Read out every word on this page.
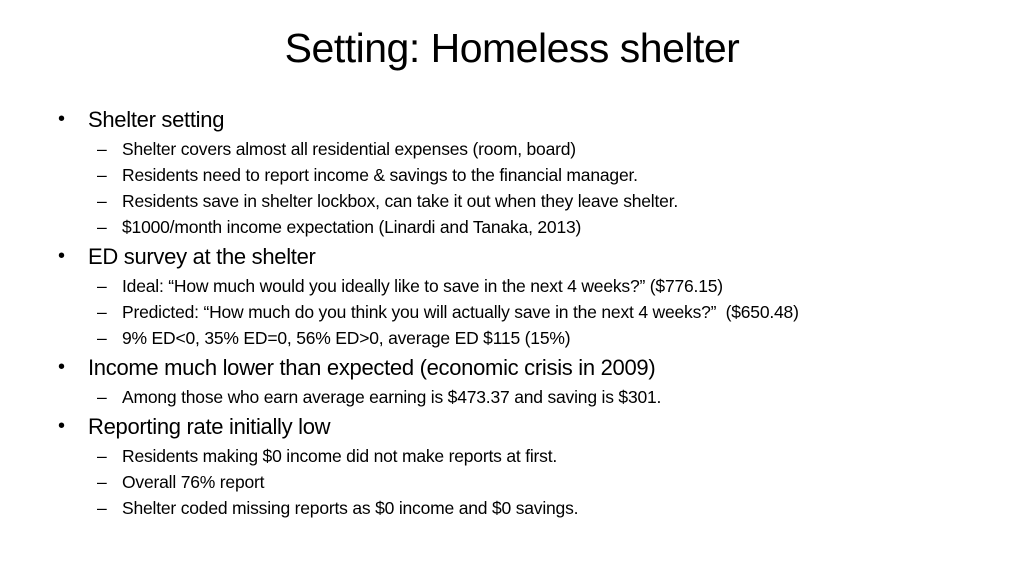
Setting: Homeless shelter
•	Shelter setting
– Shelter covers almost all residential expenses (room, board)
– Residents need to report income & savings to the financial manager.
– Residents save in shelter lockbox, can take it out when they leave shelter.
– $1000/month income expectation (Linardi and Tanaka, 2013)
•	ED survey at the shelter
– Ideal: “How much would you ideally like to save in the next 4 weeks?” ($776.15)
– Predicted: “How much do you think you will actually save in the next 4 weeks?”  ($650.48)
– 9% ED<0, 35% ED=0, 56% ED>0, average ED $115 (15%)
•	Income much lower than expected (economic crisis in 2009)
– Among those who earn average earning is $473.37 and saving is $301.
•	Reporting rate initially low
– Residents making $0 income did not make reports at first.
– Overall 76% report
– Shelter coded missing reports as $0 income and $0 savings.
